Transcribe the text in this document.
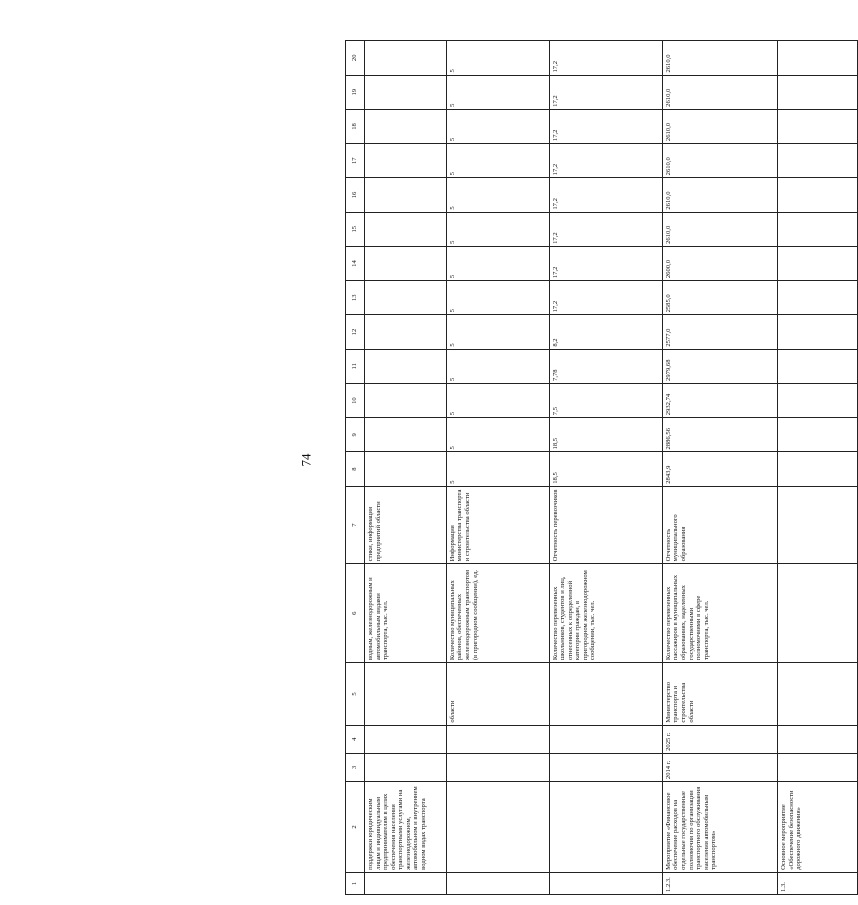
74
1	2	3	4	5	6	7	8	9	10	11	12	13	14	15	16	17	18	19	20
	поддержки юридическим лицам и индивидуальным предпринимателям в целях обеспечения населения транспортными услугами на железнодорожном, автомобильном и внутреннем водном видах транспорта				водным, железнодорожным и автомобильным видами транспорта, тыс. чел.	стики, информация предприятий области													
				области	Количество муниципальных районов, обеспеченных железнодорожным транспортом (в пригородном сообщении), ед.	Информация министерства транспорта и строительства области	5	5	5	5	5	5	5	5	5	5	5	5	5
					Количество перевезенных школьников, студентов и лиц, отнесенных к определенной категории граждан, в пригородном железнодорожном сообщении, тыс. чел.	Отчетность перевозчиков	18,5	18,5	7,5	7,78	8,2	17,2	17,2	17,2	17,2	17,2	17,2	17,2	17,2
1.2.3.	Мероприятие «Финансовое обеспечение расходов на отдельные государственные полномочия по организации транспортного обслуживания населения автомобильным транспортом»	2014 г.	2025 г.	Министерство транспорта и строительства области	Количество перевезенных пассажиров в муниципальных образованиях, наделенных государственными полномочиями в сфере транспорта, тыс. чел.	Отчетность муниципального образования	2843,9	2886,56	2932,74	2979,68	2577,0	2585,0	2600,0	2610,0	2610,0	2610,0	2610,0	2610,0	2610,0
1.3.	Основное мероприятие «Обеспечение безопасности дорожного движения»																		
